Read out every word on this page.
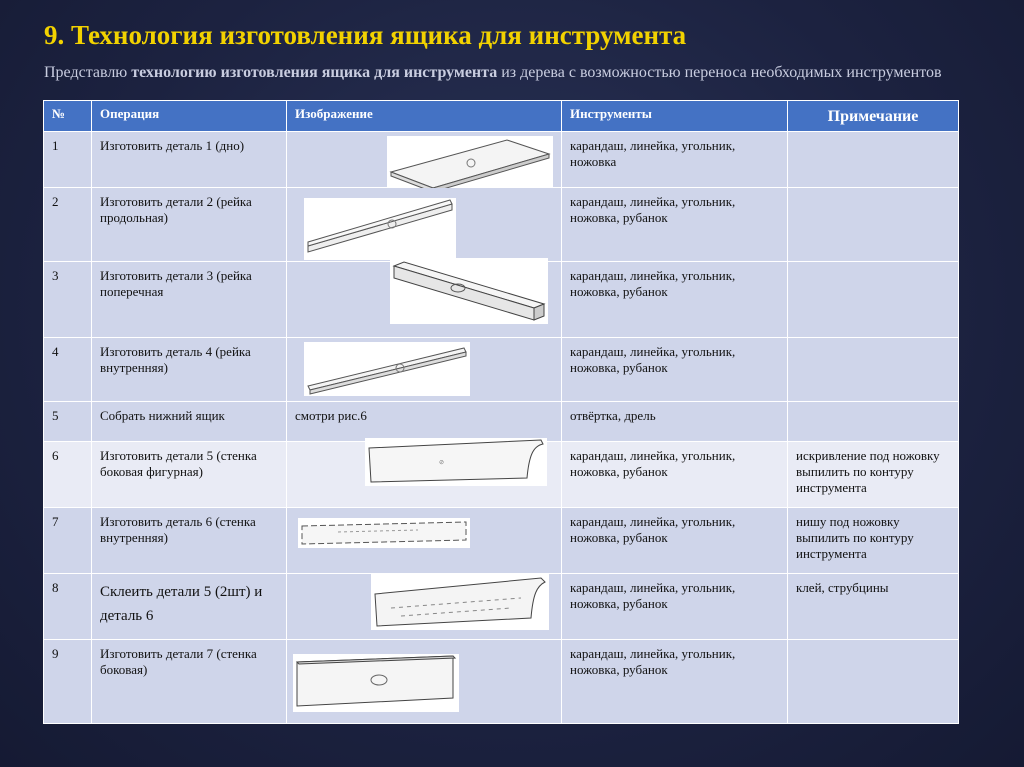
9. Технология изготовления ящика для инструмента
Представлю технологию изготовления ящика для инструмента из дерева с возможностью переноса необходимых инструментов
№	Операция	Изображение	Инструменты	Примечание
1	Изготовить деталь 1 (дно)		карандаш, линейка, угольник, ножовка	
2	Изготовить детали 2 (рейка продольная)		карандаш, линейка, угольник, ножовка, рубанок	
3	Изготовить детали 3 (рейка поперечная		карандаш, линейка, угольник, ножовка, рубанок	
4	Изготовить деталь 4 (рейка внутренняя)		карандаш, линейка, угольник, ножовка, рубанок	
5	Собрать нижний ящик	смотри рис.6	отвёртка, дрель	
6	Изготовить детали 5 (стенка боковая фигурная)	⊘	карандаш, линейка, угольник, ножовка, рубанок	искривление под ножовку выпилить по контуру инструмента
7	Изготовить деталь 6 (стенка внутренняя)		карандаш, линейка, угольник, ножовка, рубанок	нишу под ножовку выпилить по контуру инструмента
8	Склеить детали 5 (2шт) и деталь 6		карандаш, линейка, угольник, ножовка, рубанок	клей, струбцины
9	Изготовить детали 7 (стенка боковая)		карандаш, линейка, угольник, ножовка, рубанок	
